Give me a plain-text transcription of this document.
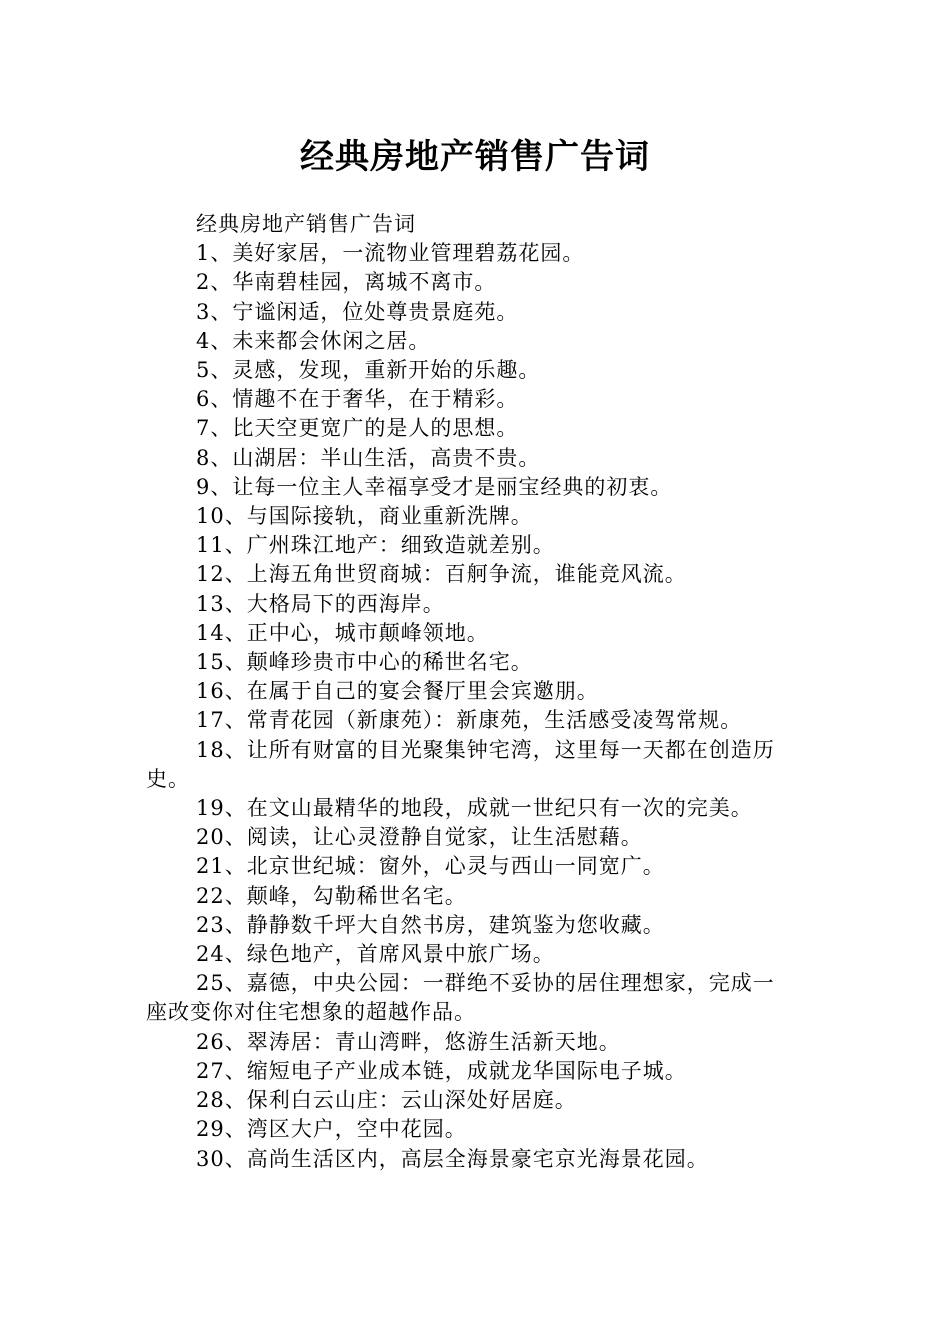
经典房地产销售广告词

经典房地产销售广告词

1、美好家居，一流物业管理碧荔花园。

2、华南碧桂园，离城不离市。

3、宁谧闲适，位处尊贵景庭苑。

4、未来都会休闲之居。

5、灵感，发现，重新开始的乐趣。

6、情趣不在于奢华，在于精彩。

7、比天空更宽广的是人的思想。

8、山湖居：半山生活，高贵不贵。

9、让每一位主人幸福享受才是丽宝经典的初衷。

10、与国际接轨，商业重新洗牌。

11、广州珠江地产：细致造就差别。

12、上海五角世贸商城：百舸争流，谁能竞风流。

13、大格局下的西海岸。

14、正中心，城市颠峰领地。

15、颠峰珍贵市中心的稀世名宅。

16、在属于自己的宴会餐厅里会宾邀朋。

17、常青花园（新康苑）：新康苑，生活感受凌驾常规。

18、让所有财富的目光聚集钟宅湾，这里每一天都在创造历史。

19、在文山最精华的地段，成就一世纪只有一次的完美。

20、阅读，让心灵澄静自觉家，让生活慰藉。

21、北京世纪城：窗外，心灵与西山一同宽广。

22、颠峰，勾勒稀世名宅。

23、静静数千坪大自然书房，建筑鉴为您收藏。

24、绿色地产，首席风景中旅广场。

25、嘉德，中央公园：一群绝不妥协的居住理想家，完成一座改变你对住宅想象的超越作品。

26、翠涛居：青山湾畔，悠游生活新天地。

27、缩短电子产业成本链，成就龙华国际电子城。

28、保利白云山庄：云山深处好居庭。

29、湾区大户，空中花园。

30、高尚生活区内，高层全海景豪宅京光海景花园。
